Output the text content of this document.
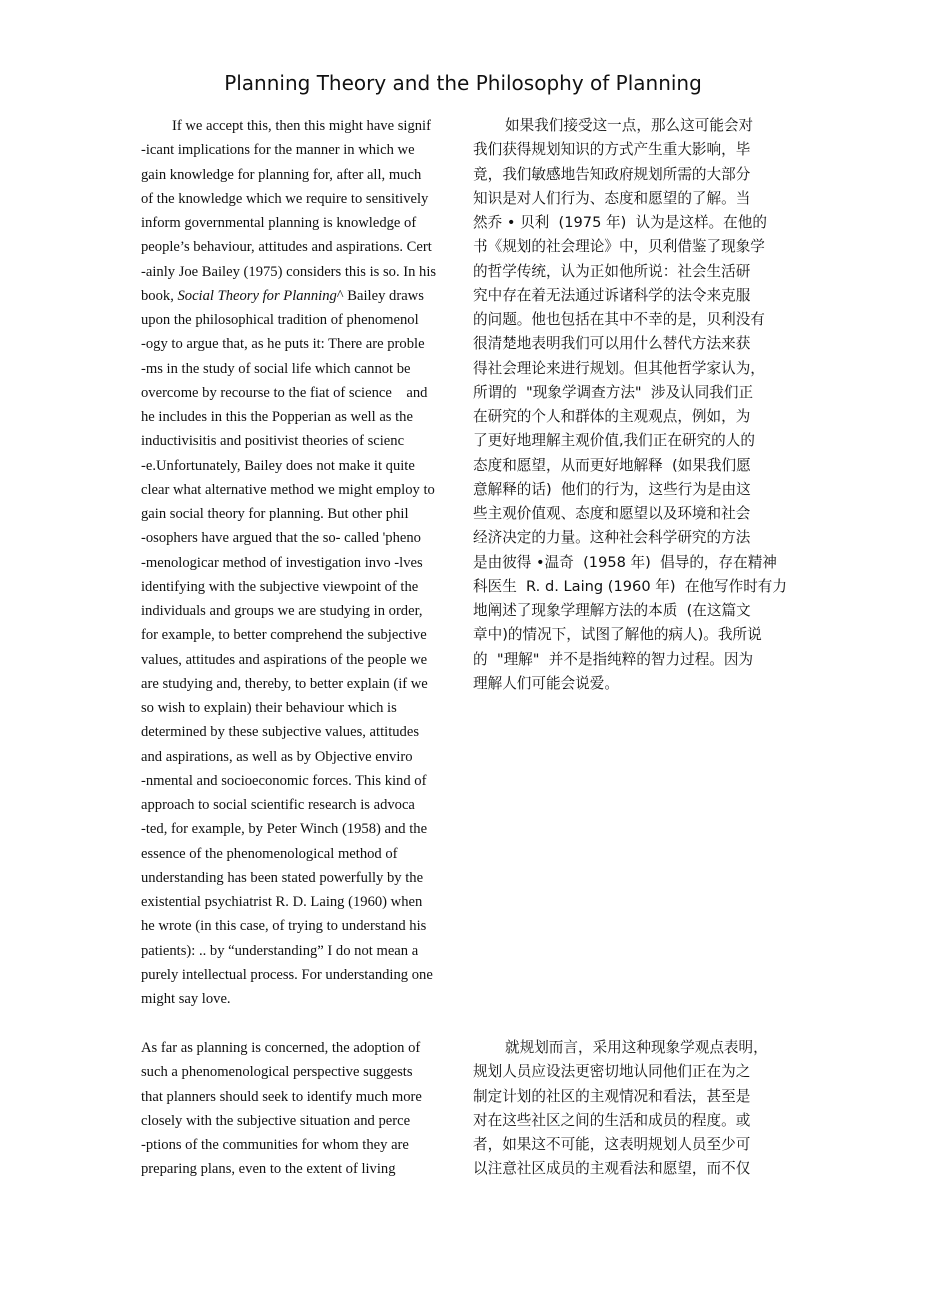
Planning Theory and the Philosophy of Planning
If we accept this, then this might have signif
-icant implications for the manner in which we
gain knowledge for planning for, after all, much
of the knowledge which we require to sensitively
inform governmental planning is knowledge of
people’s behaviour, attitudes and aspirations. Cert
-ainly Joe Bailey (1975) considers this is so. In his
book, Social Theory for Planning^ Bailey draws
upon the philosophical tradition of phenomenol
-ogy to argue that, as he puts it: There are proble
-ms in the study of social life which cannot be
overcome by recourse to the fiat of science    and
he includes in this the Popperian as well as the
inductivisitis and positivist theories of scienc
-e.Unfortunately, Bailey does not make it quite
clear what alternative method we might employ to
gain social theory for planning. But other phil
-osophers have argued that the so- called 'pheno
-menologicar method of investigation invo -lves
identifying with the subjective viewpoint of the
individuals and groups we are studying in order,
for example, to better comprehend the subjective
values, attitudes and aspirations of the people we
are studying and, thereby, to better explain (if we
so wish to explain) their behaviour which is
determined by these subjective values, attitudes
and aspirations, as well as by Objective enviro
-nmental and socioeconomic forces. This kind of
approach to social scientific research is advoca
-ted, for example, by Peter Winch (1958) and the
essence of the phenomenological method of
understanding has been stated powerfully by the
existential psychiatrist R. D. Laing (1960) when
he wrote (in this case, of trying to understand his
patients): .. by “understanding” I do not mean a
purely intellectual process. For understanding one
might say love.
如果我们接受这一点，那么这可能会对
我们获得规划知识的方式产生重大影响，毕
竟，我们敏感地告知政府规划所需的大部分
知识是对人们行为、态度和愿望的了解。当
然乔 • 贝利  (1975 年)  认为是这样。在他的
书《规划的社会理论》中，贝利借鉴了现象学
的哲学传统，认为正如他所说：社会生活研
究中存在着无法通过诉诸科学的法令来克服
的问题。他也包括在其中不幸的是，贝利没有
很清楚地表明我们可以用什么替代方法来获
得社会理论来进行规划。但其他哲学家认为，
所谓的  "现象学调查方法"  涉及认同我们正
在研究的个人和群体的主观观点，例如，为
了更好地理解主观价值,我们正在研究的人的
态度和愿望，从而更好地解释  (如果我们愿
意解释的话)  他们的行为，这些行为是由这
些主观价值观、态度和愿望以及环境和社会
经济决定的力量。这种社会科学研究的方法
是由彼得 •温奇  (1958 年)  倡导的，存在精神
科医生  R. d. Laing (1960 年)  在他写作时有力
地阐述了现象学理解方法的本质  (在这篇文
章中)的情况下，试图了解他的病人)。我所说
的  "理解"  并不是指纯粹的智力过程。因为
理解人们可能会说爱。
As far as planning is concerned, the adoption of
such a phenomenological perspective suggests
that planners should seek to identify much more
closely with the subjective situation and perce
-ptions of the communities for whom they are
preparing plans, even to the extent of living
就规划而言，采用这种现象学观点表明，
规划人员应设法更密切地认同他们正在为之
制定计划的社区的主观情况和看法，甚至是
对在这些社区之间的生活和成员的程度。或
者，如果这不可能，这表明规划人员至少可
以注意社区成员的主观看法和愿望，而不仅
